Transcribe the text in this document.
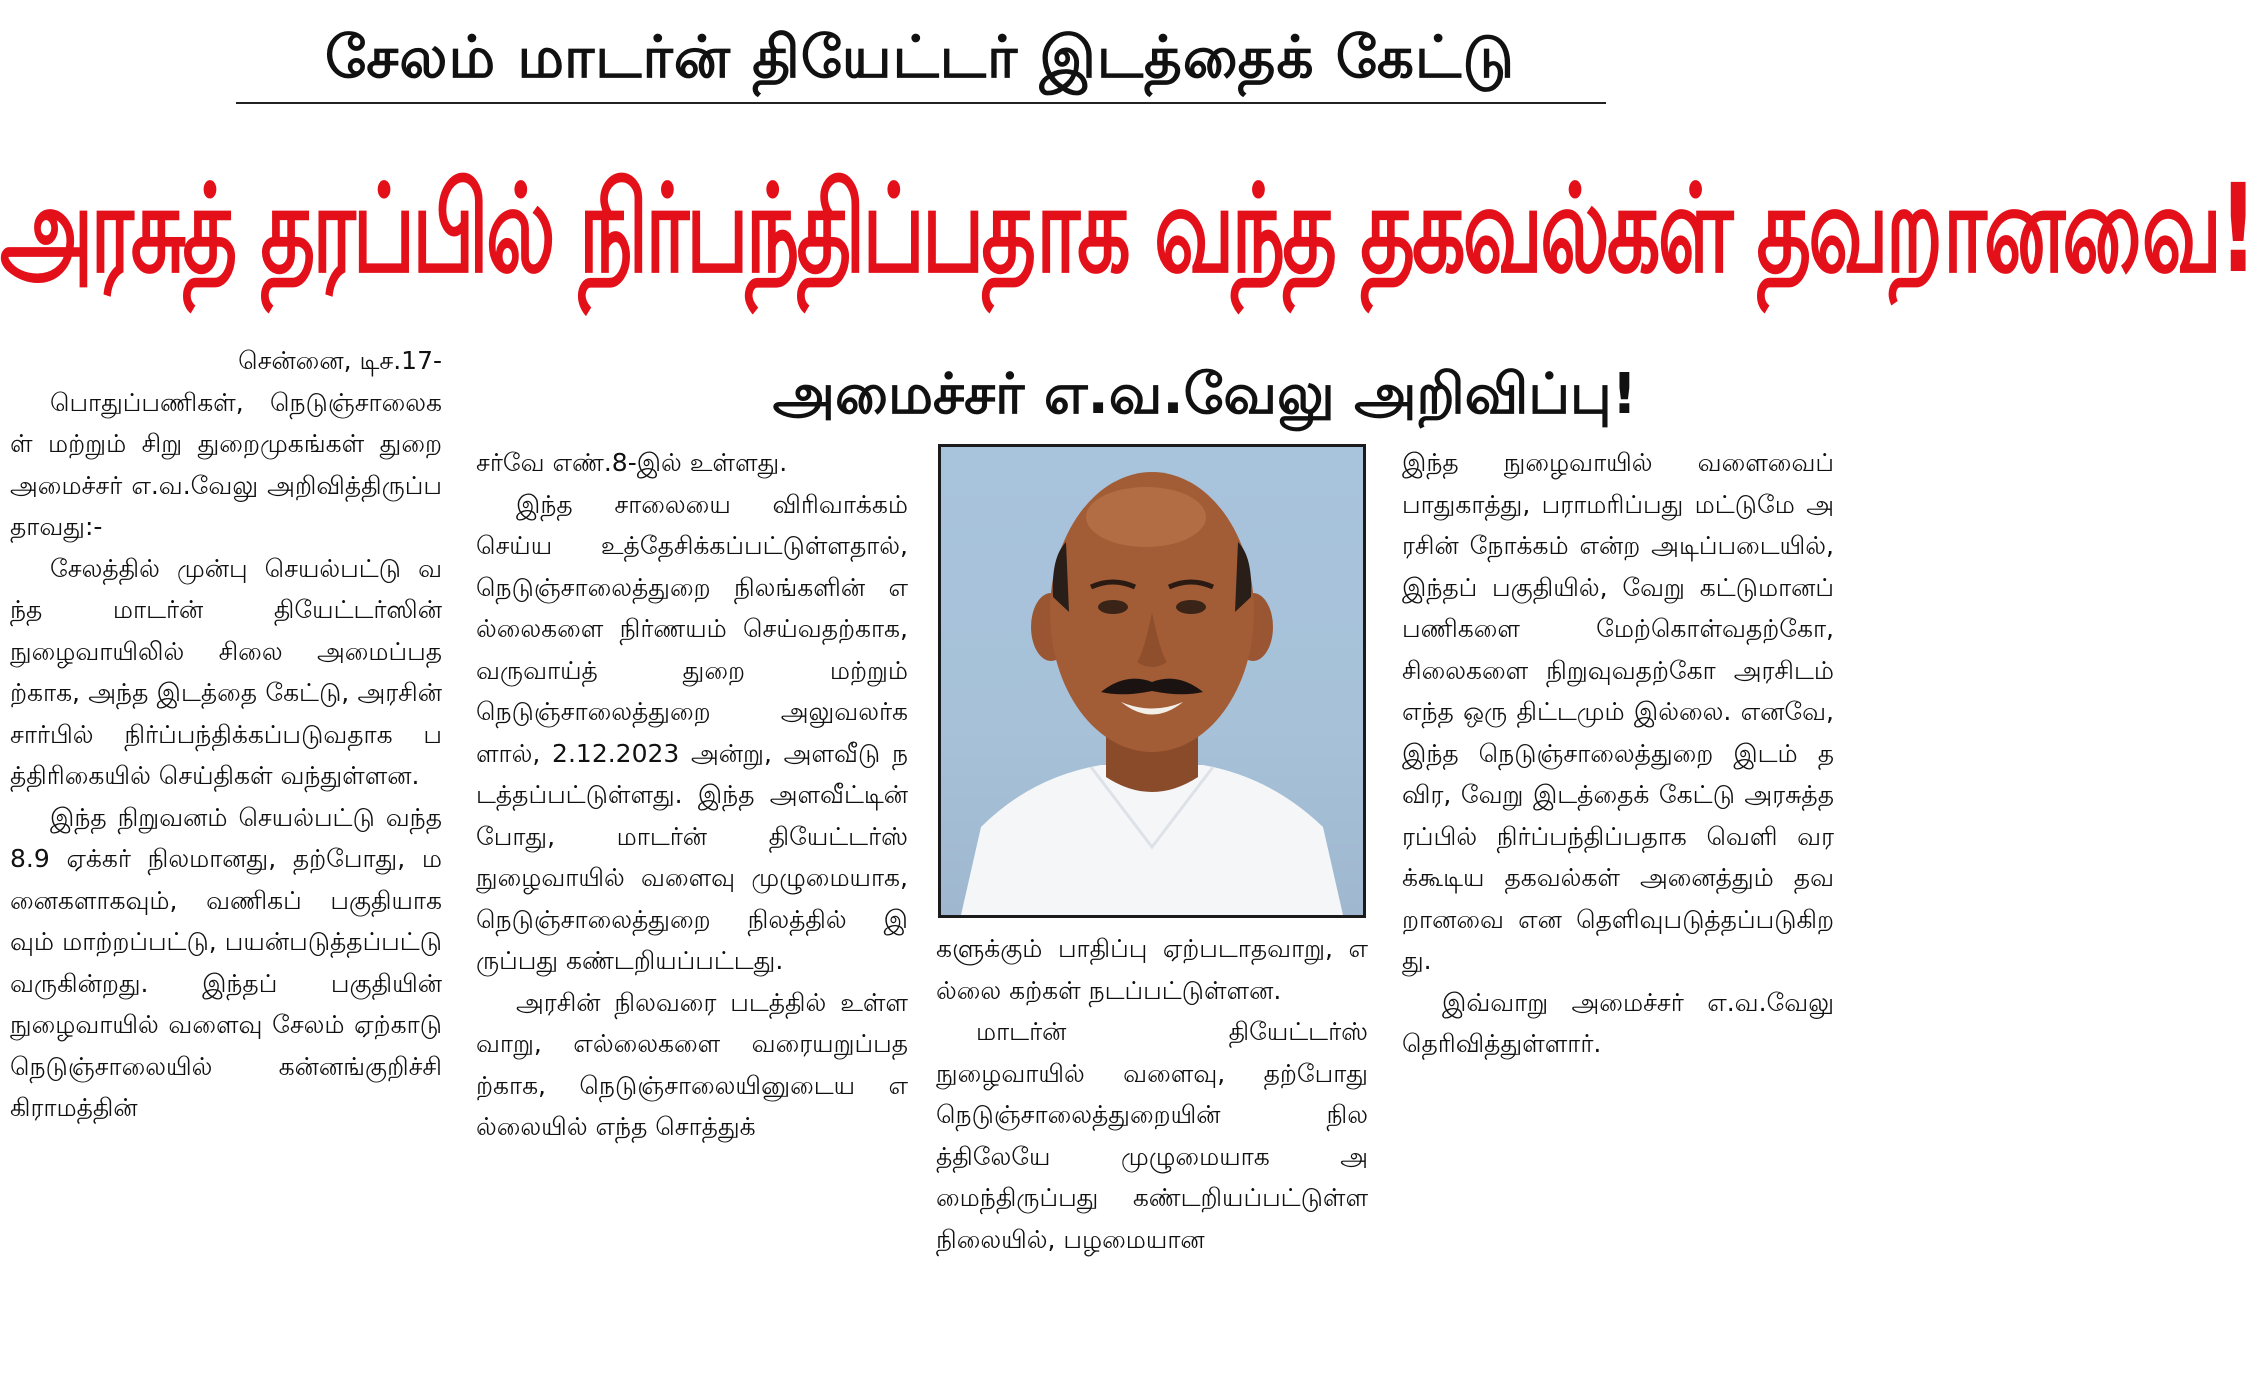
சேலம் மாடர்ன் தியேட்டர் இடத்தைக் கேட்டு
அரசுத் தரப்பில் நிர்பந்திப்பதாக வந்த தகவல்கள் தவறானவை!
அமைச்சர் எ.வ.வேலு அறிவிப்பு!

சென்னை, டிச.17-

பொதுப்பணிகள், நெடுஞ்சாலைகள் மற்றும் சிறு துறைமுகங்கள் துறை அமைச்சர் எ.வ.வேலு அறிவித்திருப்பதாவது:-

சேலத்தில் முன்பு செயல்பட்டு வந்த மாடர்ன் தியேட்டர்ஸின் நுழைவாயிலில் சிலை அமைப்பதற்காக, அந்த இடத்தை கேட்டு, அரசின் சார்பில் நிர்ப்பந்திக்கப்படுவதாக பத்திரிகையில் செய்திகள் வந்துள்ளன.

இந்த நிறுவனம் செயல்பட்டு வந்த 8.9 ஏக்கர் நிலமானது, தற்போது, மனைகளாகவும், வணிகப் பகுதியாகவும் மாற்றப்பட்டு, பயன்படுத்தப்பட்டு வருகின்றது. இந்தப் பகுதியின் நுழைவாயில் வளைவு சேலம் ஏற்காடு நெடுஞ்சாலையில் கன்னங்குறிச்சி கிராமத்தின்

சர்வே எண்.8-இல் உள்ளது.

இந்த சாலையை விரிவாக்கம் செய்ய உத்தேசிக்கப்பட்டுள்ளதால், நெடுஞ்சாலைத்துறை நிலங்களின் எல்லைகளை நிர்ணயம் செய்வதற்காக, வருவாய்த் துறை மற்றும் நெடுஞ்சாலைத்துறை அலுவலர்களால், 2.12.2023 அன்று, அளவீடு நடத்தப்பட்டுள்ளது. இந்த அளவீட்டின் போது, மாடர்ன் தியேட்டர்ஸ் நுழைவாயில் வளைவு முழுமையாக, நெடுஞ்சாலைத்துறை நிலத்தில் இருப்பது கண்டறியப்பட்டது.

அரசின் நிலவரை படத்தில் உள்ளவாறு, எல்லைகளை வரையறுப்பதற்காக, நெடுஞ்சாலையினுடைய எல்லையில் எந்த சொத்துக்

களுக்கும் பாதிப்பு ஏற்படாதவாறு, எல்லை கற்கள் நடப்பட்டுள்ளன.

மாடர்ன் தியேட்டர்ஸ் நுழைவாயில் வளைவு, தற்போது நெடுஞ்சாலைத்துறையின் நிலத்திலேயே முழுமையாக அமைந்திருப்பது கண்டறியப்பட்டுள்ள நிலையில், பழமையான

இந்த நுழைவாயில் வளைவைப் பாதுகாத்து, பராமரிப்பது மட்டுமே அரசின் நோக்கம் என்ற அடிப்படையில், இந்தப் பகுதியில், வேறு கட்டுமானப் பணிகளை மேற்கொள்வதற்கோ, சிலைகளை நிறுவுவதற்கோ அரசிடம் எந்த ஒரு திட்டமும் இல்லை. எனவே, இந்த நெடுஞ்சாலைத்துறை இடம் தவிர, வேறு இடத்தைக் கேட்டு அரசுத்தரப்பில் நிர்ப்பந்திப்பதாக வெளி வரக்கூடிய தகவல்கள் அனைத்தும் தவறானவை என தெளிவுபடுத்தப்படுகிறது.

இவ்வாறு அமைச்சர் எ.வ.வேலு தெரிவித்துள்ளார்.
